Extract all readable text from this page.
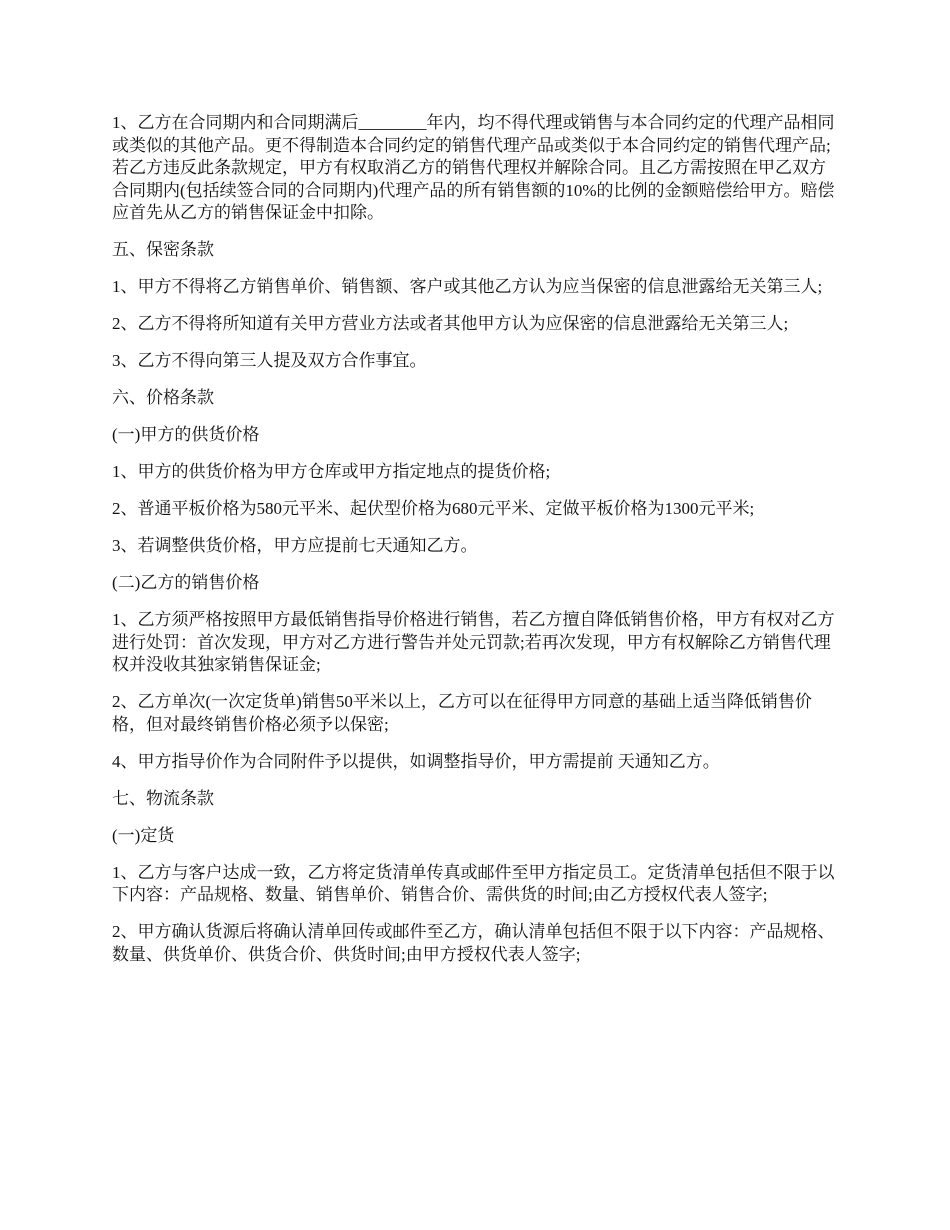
1、乙方在合同期内和合同期满后________年内，均不得代理或销售与本合同约定的代理产品相同或类似的其他产品。更不得制造本合同约定的销售代理产品或类似于本合同约定的销售代理产品;　　若乙方违反此条款规定，甲方有权取消乙方的销售代理权并解除合同。且乙方需按照在甲乙双方合同期内(包括续签合同的合同期内)代理产品的所有销售额的10%的比例的金额赔偿给甲方。赔偿应首先从乙方的销售保证金中扣除。

五、保密条款

1、甲方不得将乙方销售单价、销售额、客户或其他乙方认为应当保密的信息泄露给无关第三人;

2、乙方不得将所知道有关甲方营业方法或者其他甲方认为应保密的信息泄露给无关第三人;

3、乙方不得向第三人提及双方合作事宜。

六、价格条款

(一)甲方的供货价格

1、甲方的供货价格为甲方仓库或甲方指定地点的提货价格;

2、普通平板价格为580元平米、起伏型价格为680元平米、定做平板价格为1300元平米;

3、若调整供货价格，甲方应提前七天通知乙方。

(二)乙方的销售价格

1、乙方须严格按照甲方最低销售指导价格进行销售，若乙方擅自降低销售价格，甲方有权对乙方进行处罚：首次发现，甲方对乙方进行警告并处元罚款;若再次发现，甲方有权解除乙方销售代理权并没收其独家销售保证金;

2、乙方单次(一次定货单)销售50平米以上，乙方可以在征得甲方同意的基础上适当降低销售价格，但对最终销售价格必须予以保密;

4、甲方指导价作为合同附件予以提供，如调整指导价，甲方需提前 天通知乙方。

七、物流条款

(一)定货

1、乙方与客户达成一致，乙方将定货清单传真或邮件至甲方指定员工。定货清单包括但不限于以下内容：产品规格、数量、销售单价、销售合价、需供货的时间;由乙方授权代表人签字;

2、甲方确认货源后将确认清单回传或邮件至乙方，确认清单包括但不限于以下内容：产品规格、数量、供货单价、供货合价、供货时间;由甲方授权代表人签字;
